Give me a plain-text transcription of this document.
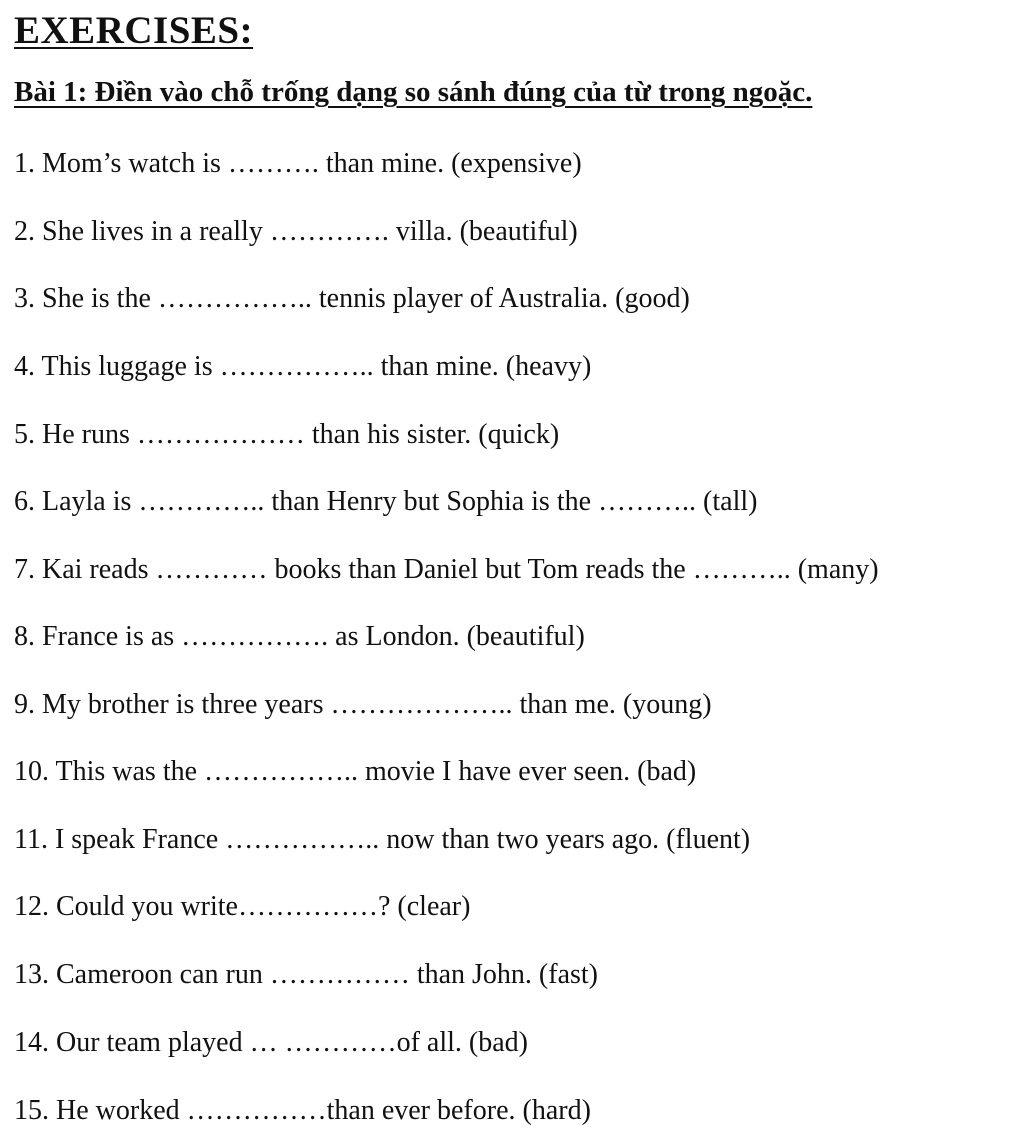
EXERCISES:
Bài 1: Điền vào chỗ trống dạng so sánh đúng của từ trong ngoặc.
1. Mom’s watch is ………. than mine. (expensive)
2. She lives in a really …………. villa. (beautiful)
3. She is the …………….. tennis player of Australia. (good)
4. This luggage is …………….. than mine. (heavy)
5. He runs ……………… than his sister. (quick)
6. Layla is ………….. than Henry but Sophia is the ……….. (tall)
7. Kai reads ………… books than Daniel but Tom reads the ……….. (many)
8. France is as ……………. as London. (beautiful)
9. My brother is three years ……………….. than me. (young)
10. This was the …………….. movie I have ever seen. (bad)
11. I speak France …………….. now than two years ago. (fluent)
12. Could you write……………? (clear)
13. Cameroon can run …………… than John. (fast)
14. Our team played … …………of all. (bad)
15. He worked ……………than ever before. (hard)
